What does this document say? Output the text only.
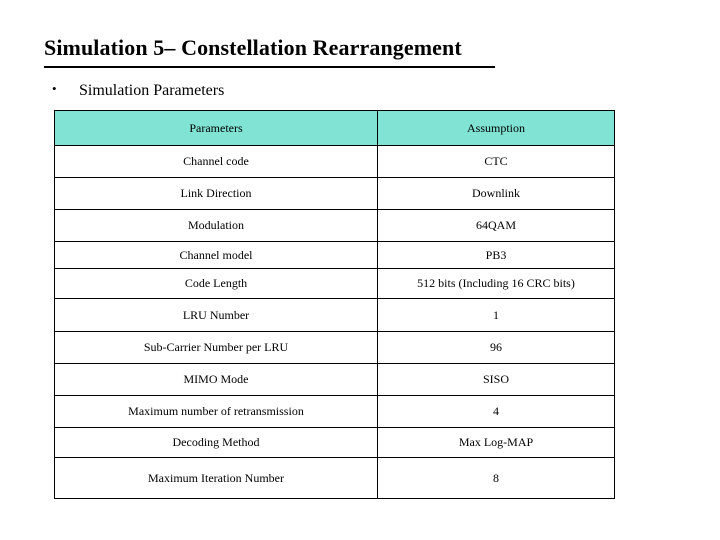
Simulation 5– Constellation Rearrangement
• Simulation Parameters
Parameters	Assumption
Channel code	CTC
Link Direction	Downlink
Modulation	64QAM
Channel model	PB3
Code Length	512 bits (Including 16 CRC bits)
LRU Number	1
Sub-Carrier Number per LRU	96
MIMO Mode	SISO
Maximum number of retransmission	4
Decoding Method	Max Log-MAP
Maximum Iteration Number	8
